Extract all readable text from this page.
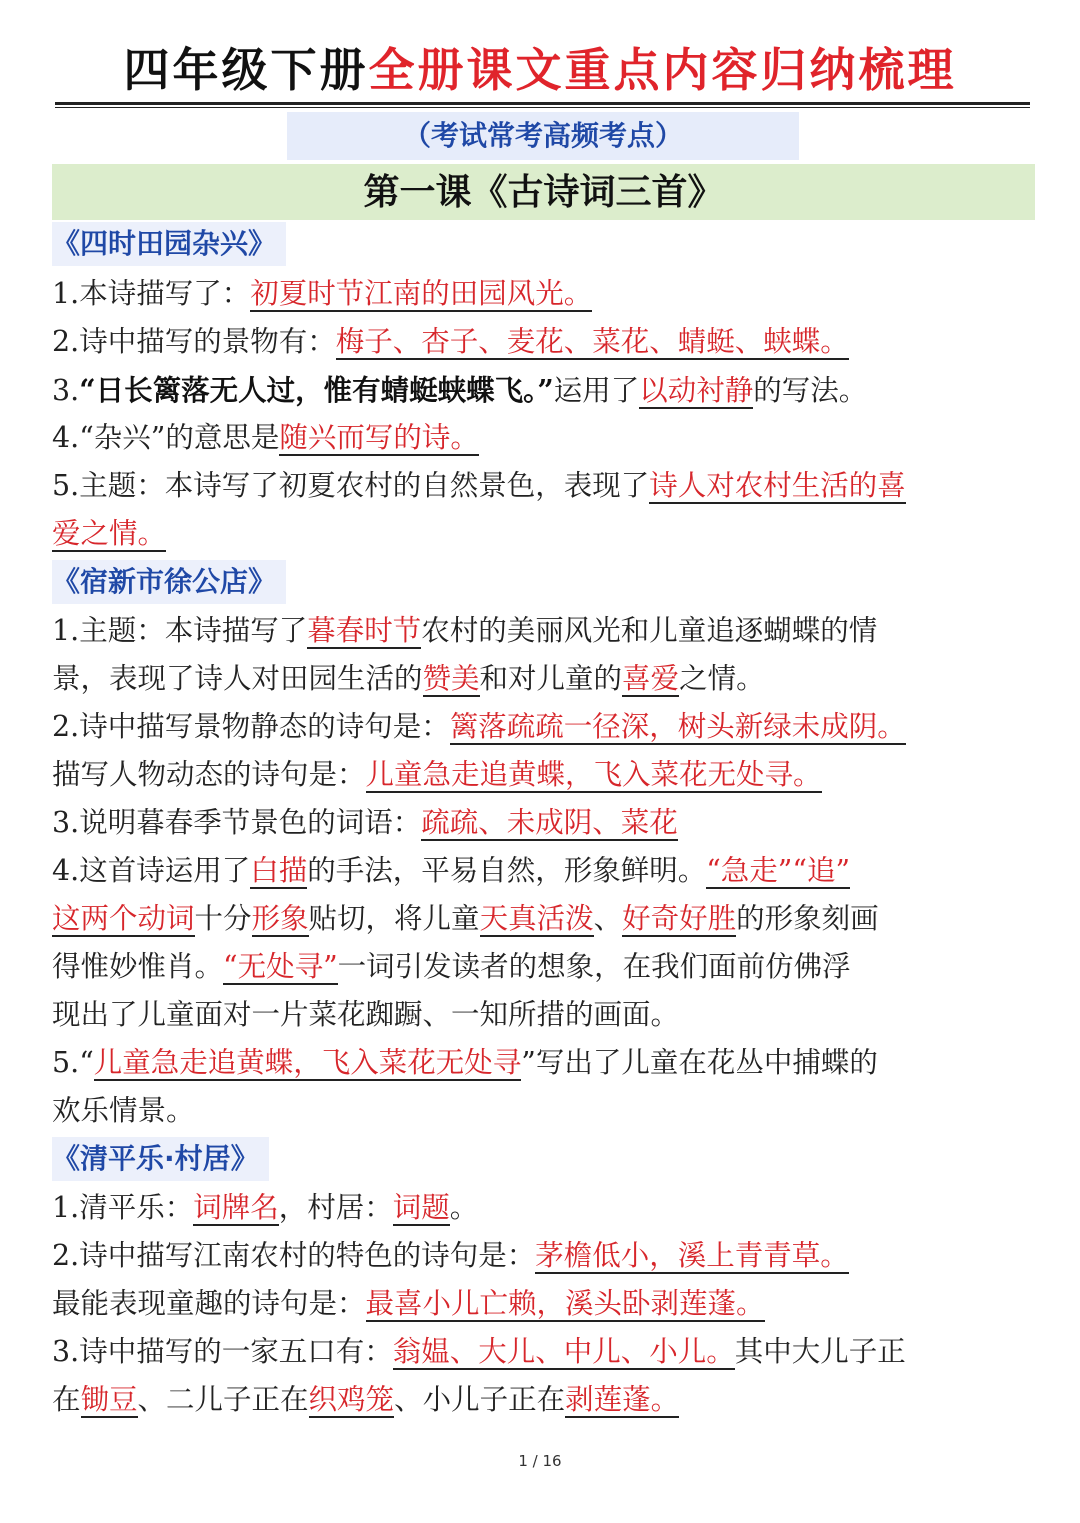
四年级下册全册课文重点内容归纳梳理
（考试常考高频考点）
第一课《古诗词三首》
《四时田园杂兴》
1.本诗描写了：初夏时节江南的田园风光。
2.诗中描写的景物有：梅子、杏子、麦花、菜花、蜻蜓、蛱蝶。
3.“日长篱落无人过，惟有蜻蜓蛱蝶飞。”运用了以动衬静的写法。
4.“杂兴”的意思是随兴而写的诗。
5.主题：本诗写了初夏农村的自然景色，表现了诗人对农村生活的喜
爱之情。
《宿新市徐公店》
1.主题：本诗描写了暮春时节农村的美丽风光和儿童追逐蝴蝶的情
景，表现了诗人对田园生活的赞美和对儿童的喜爱之情。
2.诗中描写景物静态的诗句是：篱落疏疏一径深，树头新绿未成阴。
描写人物动态的诗句是：儿童急走追黄蝶，飞入菜花无处寻。
3.说明暮春季节景色的词语：疏疏、未成阴、菜花
4.这首诗运用了白描的手法，平易自然，形象鲜明。“急走”“追”
这两个动词十分形象贴切，将儿童天真活泼、好奇好胜的形象刻画
得惟妙惟肖。“无处寻”一词引发读者的想象，在我们面前仿佛浮
现出了儿童面对一片菜花踟蹰、一知所措的画面。
5.“儿童急走追黄蝶，飞入菜花无处寻”写出了儿童在花丛中捕蝶的
欢乐情景。
《清平乐·村居》
1.清平乐：词牌名，村居：词题。
2.诗中描写江南农村的特色的诗句是：茅檐低小，溪上青青草。
最能表现童趣的诗句是：最喜小儿亡赖，溪头卧剥莲蓬。
3.诗中描写的一家五口有：翁媪、大儿、中儿、小儿。其中大儿子正
在锄豆、二儿子正在织鸡笼、小儿子正在剥莲蓬。
1 / 16
